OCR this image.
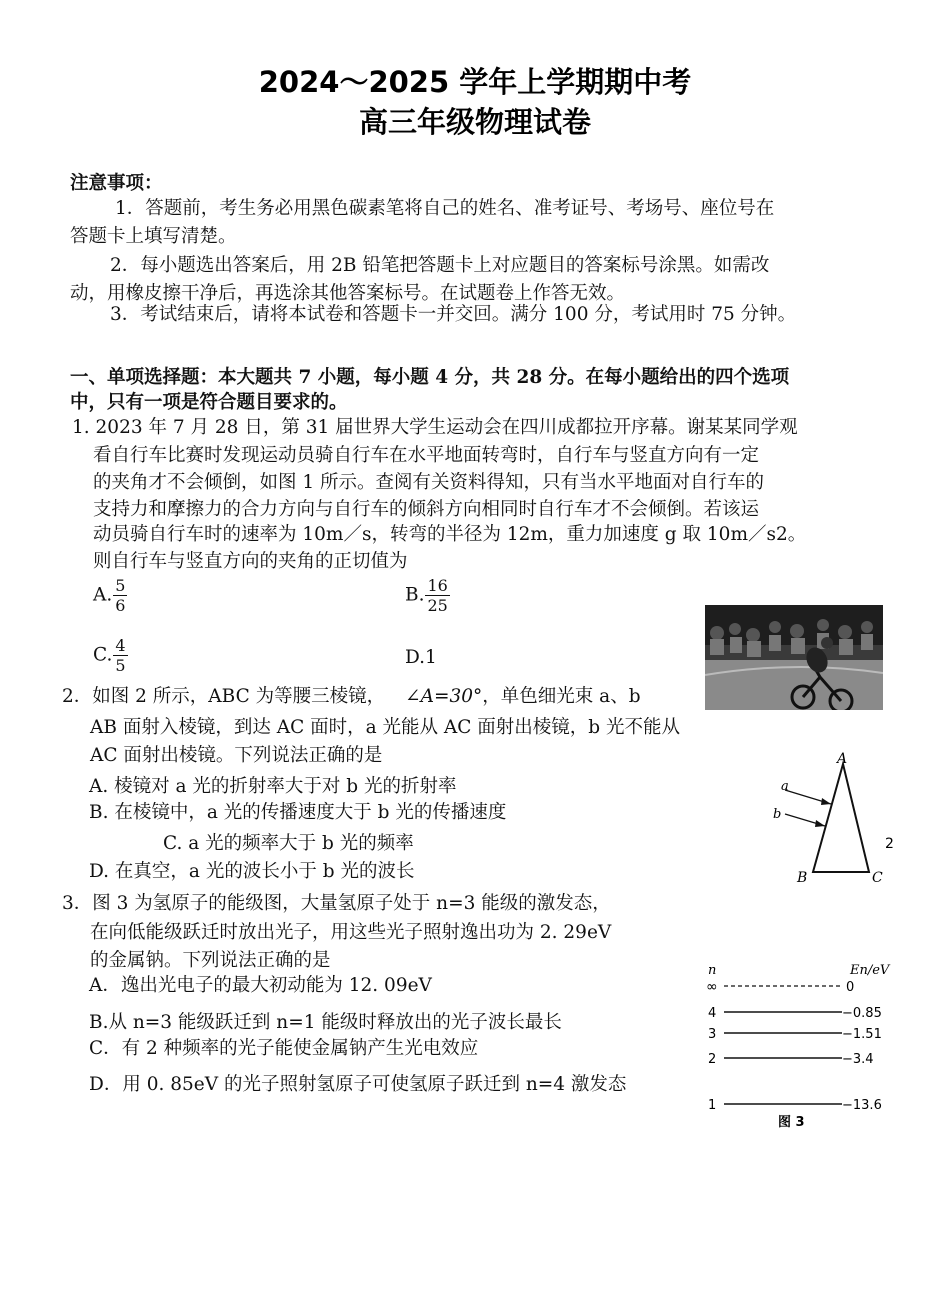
2024～2025 学年上学期期中考
高三年级物理试卷
注意事项：
1．答题前，考生务必用黑色碳素笔将自己的姓名、准考证号、考场号、座位号在
答题卡上填写清楚。
2．每小题选出答案后，用 2B 铅笔把答题卡上对应题目的答案标号涂黑。如需改
动，用橡皮擦干净后，再选涂其他答案标号。在试题卷上作答无效。
3．考试结束后，请将本试卷和答题卡一并交回。满分 100 分，考试用时 75 分钟。
一、单项选择题：本大题共 7 小题，每小题 4 分，共 28 分。在每小题给出的四个选项
中，只有一项是符合题目要求的。
1. 2023 年 7 月 28 日，第 31 届世界大学生运动会在四川成都拉开序幕。谢某某同学观
看自行车比赛时发现运动员骑自行车在水平地面转弯时，自行车与竖直方向有一定
的夹角才不会倾倒，如图 1 所示。查阅有关资料得知，只有当水平地面对自行车的
支持力和摩擦力的合力方向与自行车的倾斜方向相同时自行车才不会倾倒。若该运
动员骑自行车时的速率为 10m／s，转弯的半径为 12m，重力加速度 g 取 10m／s2。
则自行车与竖直方向的夹角的正切值为
A. $\frac{5}{6}$	B. $\frac{16}{25}$
C. $\frac{4}{5}$	D.1
2．如图 2 所示，ABC 为等腰三棱镜， ∠A=30°，单色细光束 a、b
AB 面射入棱镜，到达 AC 面时，a 光能从 AC 面射出棱镜，b 光不能从
AC 面射出棱镜。下列说法正确的是
A. 棱镜对 a 光的折射率大于对 b 光的折射率
B. 在棱镜中，a 光的传播速度大于 b 光的传播速度
C. a 光的频率大于 b 光的频率
D. 在真空，a 光的波长小于 b 光的波长
A
B	C
a
b
2
3．图 3 为氢原子的能级图，大量氢原子处于 n=3 能级的激发态，
在向低能级跃迁时放出光子，用这些光子照射逸出功为 2. 29eV
的金属钠。下列说法正确的是
A．逸出光电子的最大初动能为 12. 09eV
B.从 n=3 能级跃迁到 n=1 能级时释放出的光子波长最长
C．有 2 种频率的光子能使金属钠产生光电效应
D．用 0. 85eV 的光子照射氢原子可使氢原子跃迁到 n=4 激发态
n	En/eV
∞	0
4	−0.85
3	−1.51
2	−3.4
1	−13.6
图 3
